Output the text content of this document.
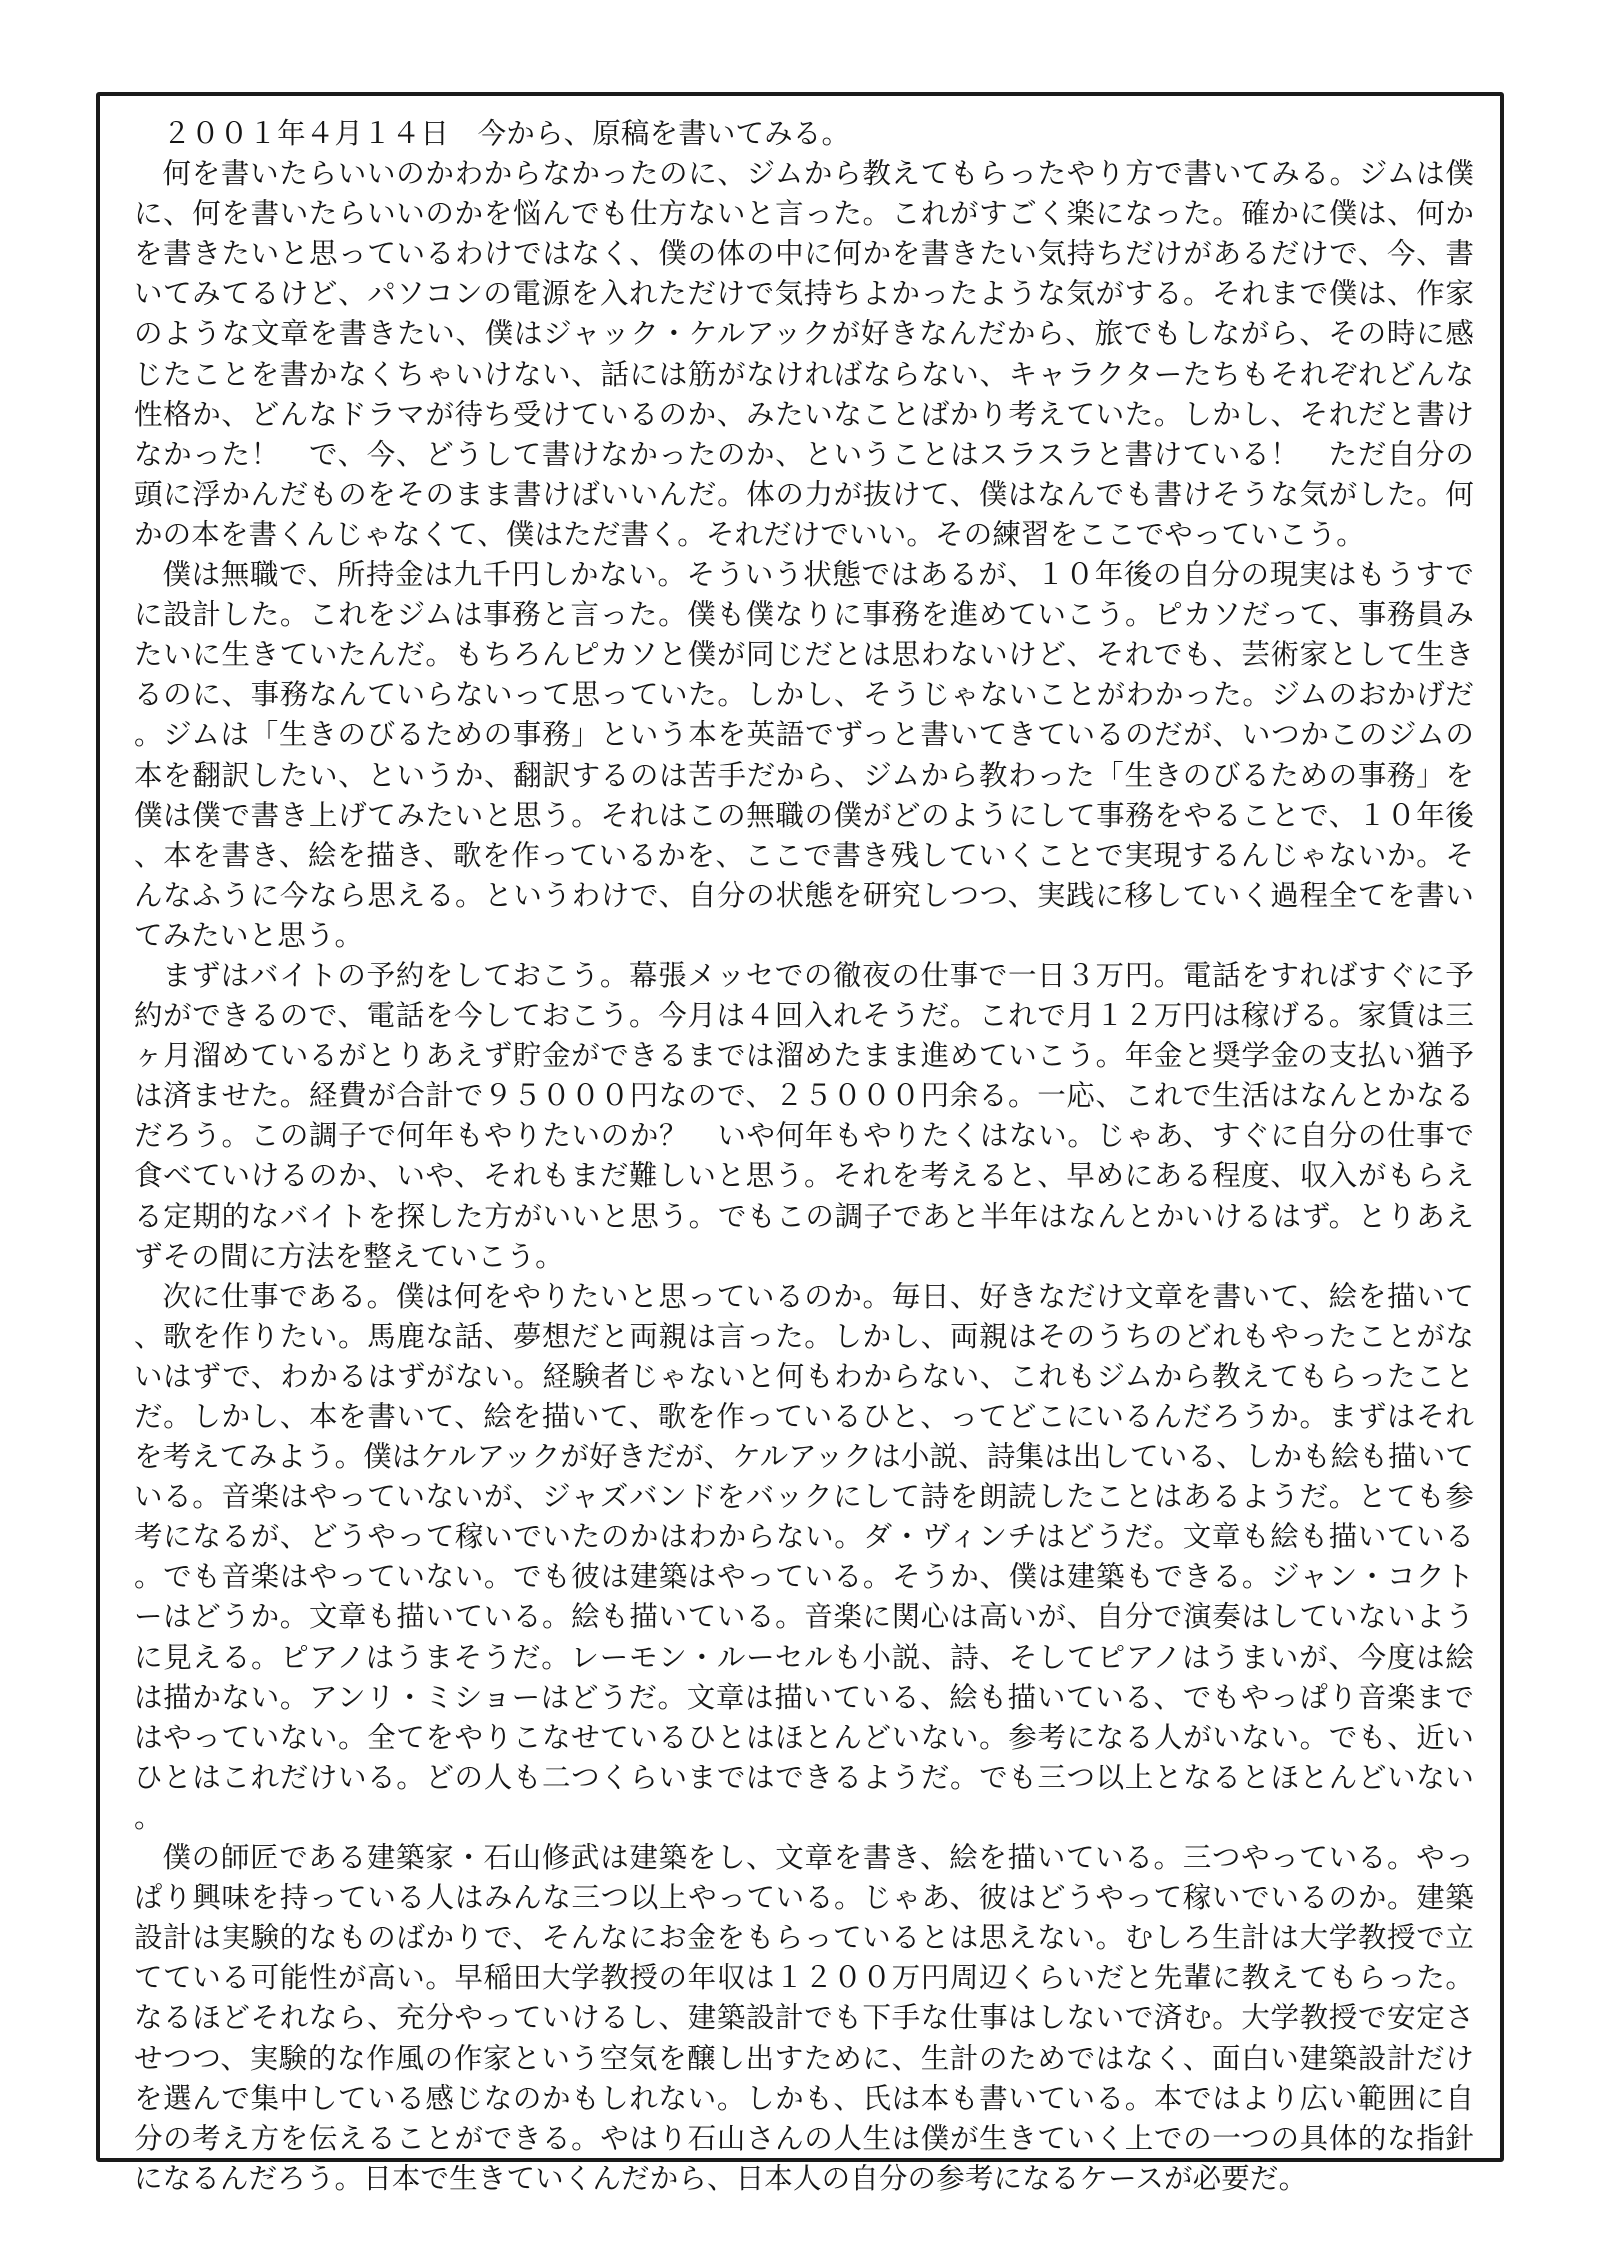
２００１年４月１４日　今から、原稿を書いてみる。

何を書いたらいいのかわからなかったのに、ジムから教えてもらったやり方で書いてみる。ジムは僕に、何を書いたらいいのかを悩んでも仕方ないと言った。これがすごく楽になった。確かに僕は、何かを書きたいと思っているわけではなく、僕の体の中に何かを書きたい気持ちだけがあるだけで、今、書いてみてるけど、パソコンの電源を入れただけで気持ちよかったような気がする。それまで僕は、作家のような文章を書きたい、僕はジャック・ケルアックが好きなんだから、旅でもしながら、その時に感じたことを書かなくちゃいけない、話には筋がなければならない、キャラクターたちもそれぞれどんな性格か、どんなドラマが待ち受けているのか、みたいなことばかり考えていた。しかし、それだと書けなかった！　で、今、どうして書けなかったのか、ということはスラスラと書けている！　ただ自分の頭に浮かんだものをそのまま書けばいいんだ。体の力が抜けて、僕はなんでも書けそうな気がした。何かの本を書くんじゃなくて、僕はただ書く。それだけでいい。その練習をここでやっていこう。

僕は無職で、所持金は九千円しかない。そういう状態ではあるが、１０年後の自分の現実はもうすでに設計した。これをジムは事務と言った。僕も僕なりに事務を進めていこう。ピカソだって、事務員みたいに生きていたんだ。もちろんピカソと僕が同じだとは思わないけど、それでも、芸術家として生きるのに、事務なんていらないって思っていた。しかし、そうじゃないことがわかった。ジムのおかげだ。ジムは「生きのびるための事務」という本を英語でずっと書いてきているのだが、いつかこのジムの本を翻訳したい、というか、翻訳するのは苦手だから、ジムから教わった「生きのびるための事務」を僕は僕で書き上げてみたいと思う。それはこの無職の僕がどのようにして事務をやることで、１０年後、本を書き、絵を描き、歌を作っているかを、ここで書き残していくことで実現するんじゃないか。そんなふうに今なら思える。というわけで、自分の状態を研究しつつ、実践に移していく過程全てを書いてみたいと思う。

まずはバイトの予約をしておこう。幕張メッセでの徹夜の仕事で一日３万円。電話をすればすぐに予約ができるので、電話を今しておこう。今月は４回入れそうだ。これで月１２万円は稼げる。家賃は三ヶ月溜めているがとりあえず貯金ができるまでは溜めたまま進めていこう。年金と奨学金の支払い猶予は済ませた。経費が合計で９５０００円なので、２５０００円余る。一応、これで生活はなんとかなるだろう。この調子で何年もやりたいのか？　いや何年もやりたくはない。じゃあ、すぐに自分の仕事で食べていけるのか、いや、それもまだ難しいと思う。それを考えると、早めにある程度、収入がもらえる定期的なバイトを探した方がいいと思う。でもこの調子であと半年はなんとかいけるはず。とりあえずその間に方法を整えていこう。

次に仕事である。僕は何をやりたいと思っているのか。毎日、好きなだけ文章を書いて、絵を描いて、歌を作りたい。馬鹿な話、夢想だと両親は言った。しかし、両親はそのうちのどれもやったことがないはずで、わかるはずがない。経験者じゃないと何もわからない、これもジムから教えてもらったことだ。しかし、本を書いて、絵を描いて、歌を作っているひと、ってどこにいるんだろうか。まずはそれを考えてみよう。僕はケルアックが好きだが、ケルアックは小説、詩集は出している、しかも絵も描いている。音楽はやっていないが、ジャズバンドをバックにして詩を朗読したことはあるようだ。とても参考になるが、どうやって稼いでいたのかはわからない。ダ・ヴィンチはどうだ。文章も絵も描いている。でも音楽はやっていない。でも彼は建築はやっている。そうか、僕は建築もできる。ジャン・コクトーはどうか。文章も描いている。絵も描いている。音楽に関心は高いが、自分で演奏はしていないように見える。ピアノはうまそうだ。レーモン・ルーセルも小説、詩、そしてピアノはうまいが、今度は絵は描かない。アンリ・ミショーはどうだ。文章は描いている、絵も描いている、でもやっぱり音楽まではやっていない。全てをやりこなせているひとはほとんどいない。参考になる人がいない。でも、近いひとはこれだけいる。どの人も二つくらいまではできるようだ。でも三つ以上となるとほとんどいない。

僕の師匠である建築家・石山修武は建築をし、文章を書き、絵を描いている。三つやっている。やっぱり興味を持っている人はみんな三つ以上やっている。じゃあ、彼はどうやって稼いでいるのか。建築設計は実験的なものばかりで、そんなにお金をもらっているとは思えない。むしろ生計は大学教授で立てている可能性が高い。早稲田大学教授の年収は１２００万円周辺くらいだと先輩に教えてもらった。なるほどそれなら、充分やっていけるし、建築設計でも下手な仕事はしないで済む。大学教授で安定させつつ、実験的な作風の作家という空気を醸し出すために、生計のためではなく、面白い建築設計だけを選んで集中している感じなのかもしれない。しかも、氏は本も書いている。本ではより広い範囲に自分の考え方を伝えることができる。やはり石山さんの人生は僕が生きていく上での一つの具体的な指針になるんだろう。日本で生きていくんだから、日本人の自分の参考になるケースが必要だ。
